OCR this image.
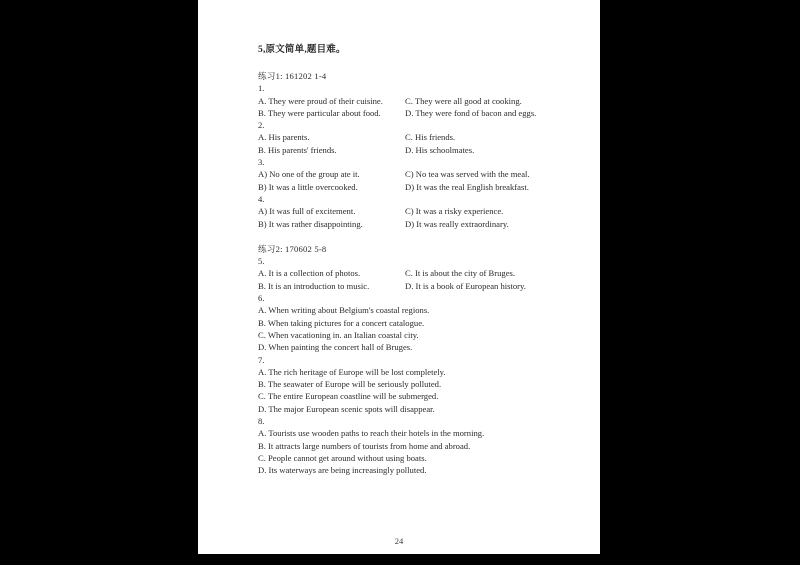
5,原文简单,题目难。
练习1: 161202 1-4
1.
A. They were proud of their cuisine.	C. They were all good at cooking.
B. They were particular about food.	D. They were fond of bacon and eggs.
2.
A. His parents.	C. His friends.
B. His parents' friends.	D. His schoolmates.
3.
A) No one of the group ate it.	C) No tea was served with the meal.
B) It was a little overcooked.	D) It was the real English breakfast.
4.
A) It was full of excitement.	C) It was a risky experience.
B) It was rather disappointing.	D) It was really extraordinary.
练习2: 170602 5-8
5.
A. It is a collection of photos.	C. It is about the city of Bruges.
B. It is an introduction to music.	D. It is a book of European history.
6.
A. When writing about Belgium's coastal regions.
B. When taking pictures for a concert catalogue.
C. When vacationing in. an Italian coastal city.
D. When painting the concert hall of Bruges.
7.
A. The rich heritage of Europe will be lost completely.
B. The seawater of Europe will be seriously polluted.
C. The entire European coastline will be submerged.
D. The major European scenic spots will disappear.
8.
A. Tourists use wooden paths to reach their hotels in the morning.
B. It attracts large numbers of tourists from home and abroad.
C. People cannot get around without using boats.
D. Its waterways are being increasingly polluted.
24
